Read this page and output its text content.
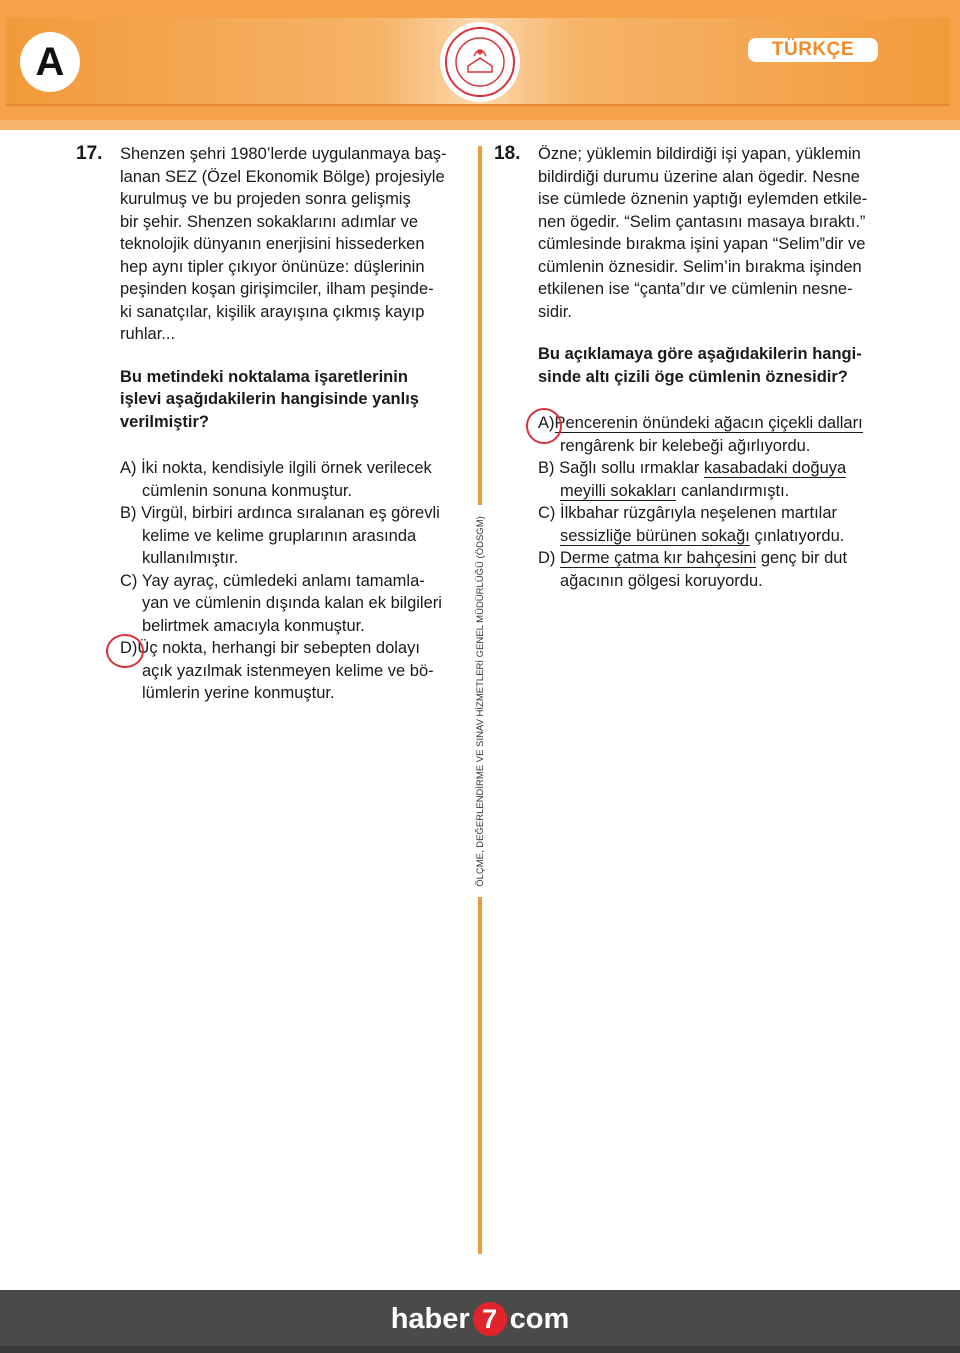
A	TÜRKÇE
ÖLÇME, DEĞERLENDİRME VE SINAV HİZMETLERİ GENEL MÜDÜRLÜĞÜ (ÖDSGM)
17. Shenzen şehri 1980’lerde uygulanmaya baş-

lanan SEZ (Özel Ekonomik Bölge) projesiyle

kurulmuş ve bu projeden sonra gelişmiş

bir şehir. Shenzen sokaklarını adımlar ve

teknolojik dünyanın enerjisini hissederken

hep aynı tipler çıkıyor önünüze: düşlerinin

peşinden koşan girişimciler, ilham peşinde-

ki sanatçılar, kişilik arayışına çıkmış kayıp

ruhlar...

Bu metindeki noktalama işaretlerinin

işlevi aşağıdakilerin hangisinde yanlış

verilmiştir?

A) İki nokta, kendisiyle ilgili örnek verilecek
cümlenin sonuna konmuştur.
B) Virgül, birbiri ardınca sıralanan eş görevli
kelime ve kelime gruplarının arasında
kullanılmıştır.
C) Yay ayraç, cümledeki anlamı tamamla-
yan ve cümlenin dışında kalan ek bilgileri
belirtmek amacıyla konmuştur.
D)Üç nokta, herhangi bir sebepten dolayı
açık yazılmak istenmeyen kelime ve bö-
lümlerin yerine konmuştur.
18. Özne; yüklemin bildirdiği işi yapan, yüklemin

bildirdiği durumu üzerine alan ögedir. Nesne

ise cümlede öznenin yaptığı eylemden etkile-

nen ögedir. “Selim çantasını masaya bıraktı.”

cümlesinde bırakma işini yapan “Selim”dir ve

cümlenin öznesidir. Selim’in bırakma işinden

etkilenen ise “çanta”dır ve cümlenin nesne-

sidir.

Bu açıklamaya göre aşağıdakilerin hangi-

sinde altı çizili öge cümlenin öznesidir?

A)Pencerenin önündeki ağacın çiçekli dalları
rengârenk bir kelebeği ağırlıyordu.
B) Sağlı sollu ırmaklar kasabadaki doğuya
meyilli sokakları canlandırmıştı.
C) İlkbahar rüzgârıyla neşelenen martılar
sessizliğe bürünen sokağı çınlatıyordu.
D) Derme çatma kır bahçesini genç bir dut
ağacının gölgesi koruyordu.
haber 7 com
